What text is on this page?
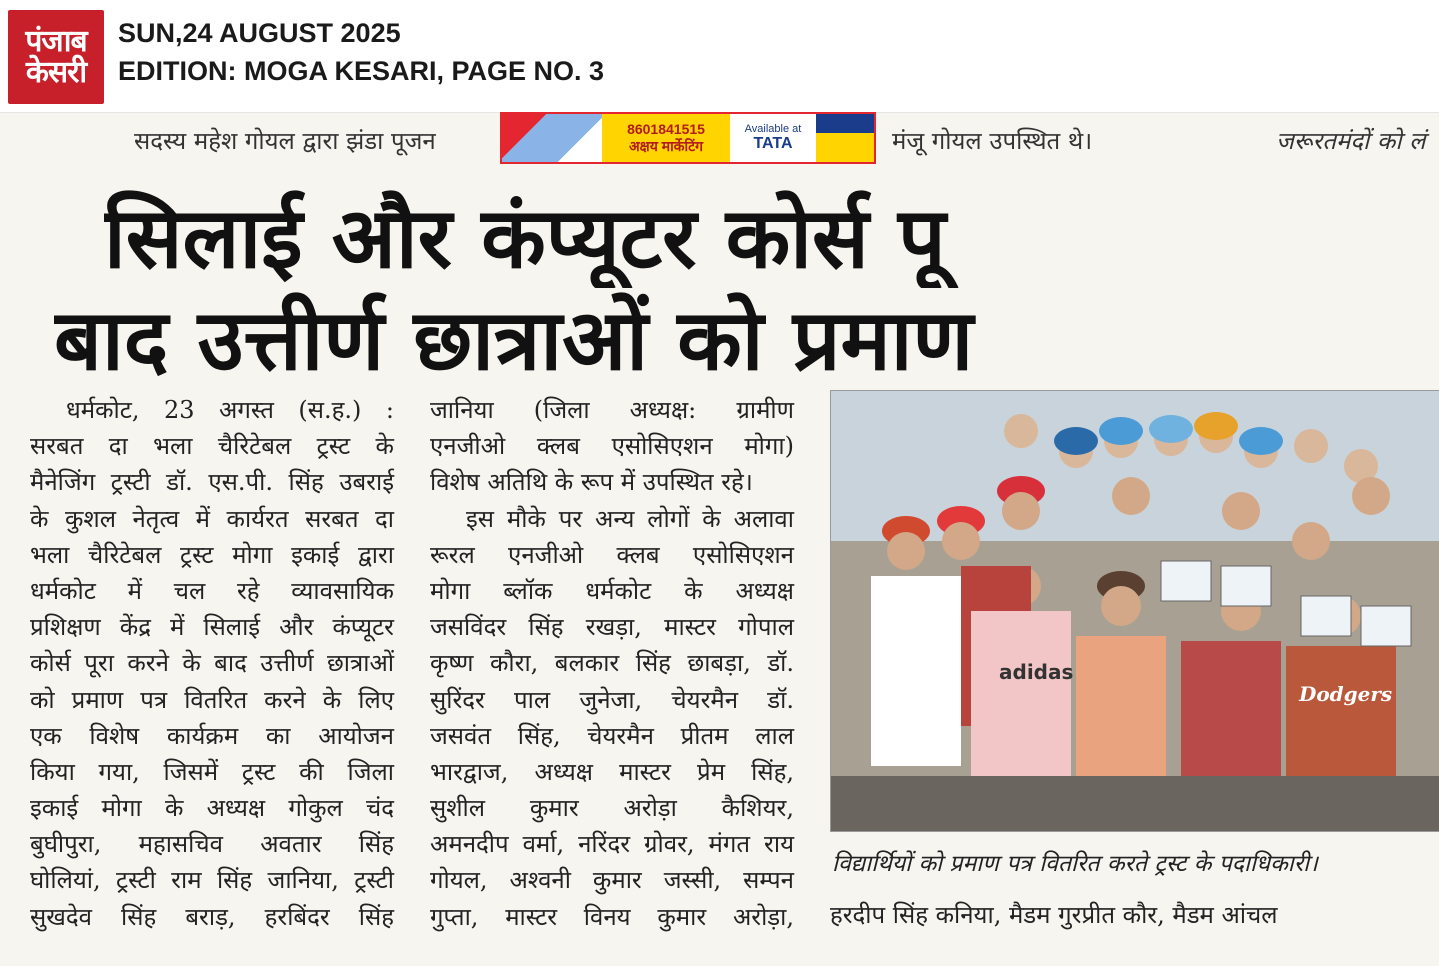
पंजाब
केसरी
SUN,24 AUGUST 2025
EDITION: MOGA KESARI, PAGE NO. 3
सदस्य महेश गोयल द्वारा झंडा पूजन	मंजू गोयल उपस्थित थे।	जरूरतमंदों को लं
8601841515
अक्षय मार्केटिंग
Available at
TATA
सिलाई और कंप्यूटर कोर्स पू
बाद उत्तीर्ण छात्राओं को प्रमाण

धर्मकोट, 23 अगस्त (स.ह.) :

सरबत दा भला चैरिटेबल ट्रस्ट के

मैनेजिंग ट्रस्टी डॉ. एस.पी. सिंह उबराई

के कुशल नेतृत्व में कार्यरत सरबत दा

भला चैरिटेबल ट्रस्ट मोगा इकाई द्वारा

धर्मकोट में चल रहे व्यावसायिक

प्रशिक्षण केंद्र में सिलाई और कंप्यूटर

कोर्स पूरा करने के बाद उत्तीर्ण छात्राओं

को प्रमाण पत्र वितरित करने के लिए

एक विशेष कार्यक्रम का आयोजन

किया गया, जिसमें ट्रस्ट की जिला

इकाई मोगा के अध्यक्ष गोकुल चंद

बुघीपुरा, महासचिव अवतार सिंह

घोलियां, ट्रस्टी राम सिंह जानिया, ट्रस्टी

सुखदेव सिंह बराड़, हरबिंदर सिंह

जानिया (जिला अध्यक्ष: ग्रामीण

एनजीओ क्लब एसोसिएशन मोगा)

विशेष अतिथि के रूप में उपस्थित रहे।

इस मौके पर अन्य लोगों के अलावा

रूरल एनजीओ क्लब एसोसिएशन

मोगा ब्लॉक धर्मकोट के अध्यक्ष

जसविंदर सिंह रखड़ा, मास्टर गोपाल

कृष्ण कौरा, बलकार सिंह छाबड़ा, डॉ.

सुरिंदर पाल जुनेजा, चेयरमैन डॉ.

जसवंत सिंह, चेयरमैन प्रीतम लाल

भारद्वाज, अध्यक्ष मास्टर प्रेम सिंह,

सुशील कुमार अरोड़ा कैशियर,

अमनदीप वर्मा, नरिंदर ग्रोवर, मंगत राय

गोयल, अश्वनी कुमार जस्सी, सम्पन

गुप्ता, मास्टर विनय कुमार अरोड़ा,

adidas
Dodgers
विद्यार्थियों को प्रमाण पत्र वितरित करते ट्रस्ट के पदाधिकारी।
हरदीप सिंह कनिया, मैडम गुरप्रीत कौर, मैडम आंचल
